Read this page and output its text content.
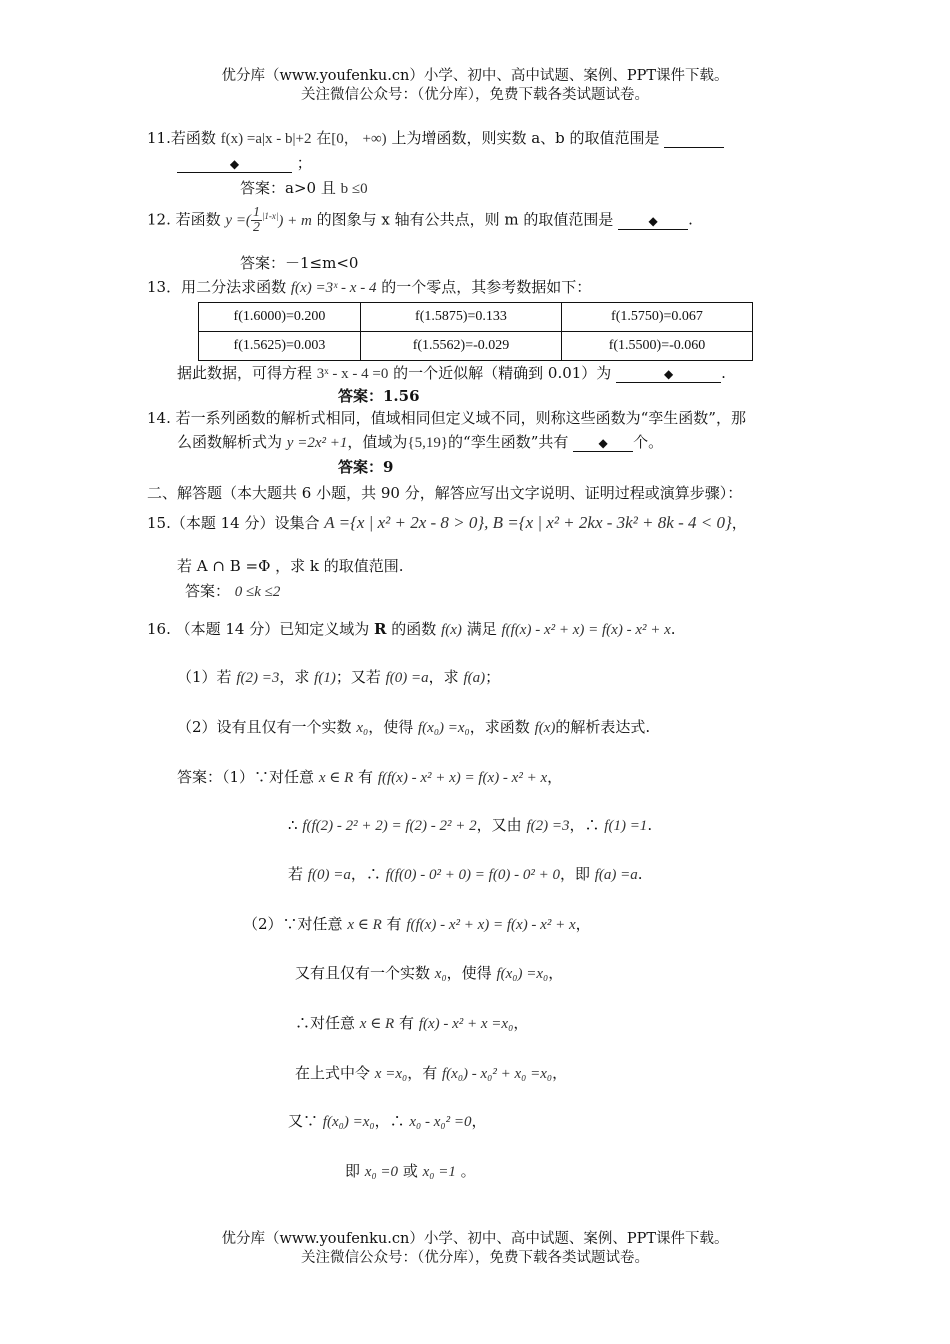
优分库（www.youfenku.cn）小学、初中、高中试题、案例、PPT课件下载。
关注微信公众号：（优分库），免费下载各类试题试卷。
11.若函数 f(x) =a|x - b|+2 在[0， +∞) 上为增函数，则实数 a、b 的取值范围是
◆	；
答案：a>0 且 b ≤0
12. 若函数 y =( $\frac{1}{2} ^{|1-x|}) + m$ 的图象与 x 轴有公共点，则 m 的取值范围是	◆ .
答案：－1≤m<0
13．用二分法求函数 f(x) =3ˣ - x - 4 的一个零点，其参考数据如下：
f(1.6000)=0.200	f(1.5875)=0.133	f(1.5750)=0.067
f(1.5625)=0.003	f(1.5562)=-0.029	f(1.5500)=-0.060
据此数据，可得方程 3ˣ - x - 4 =0 的一个近似解（精确到 0.01）为	◆	.
答案：1.56
14. 若一系列函数的解析式相同，值域相同但定义域不同，则称这些函数为“孪生函数”，那
么函数解析式为 y =2x² +1，值域为{5,19}的“孪生函数”共有	◆ 个。
答案：9
二、解答题（本大题共 6 小题，共 90 分，解答应写出文字说明、证明过程或演算步骤）：
15.（本题 14 分）设集合 A ={x | x² + 2x - 8 > 0}, B ={x | x² + 2kx - 3k² + 8k - 4 < 0}，
若 A ∩ B =Φ ，求 k 的取值范围.
答案： 0 ≤k ≤2
16. （本题 14 分）已知定义域为 R 的函数 f(x) 满足 f(f(x) - x² + x) = f(x) - x² + x.
（1）若 f(2) =3，求 f(1)；又若 f(0) =a，求 f(a)；
（2）设有且仅有一个实数 x₀，使得 f(x₀) =x₀，求函数 f(x)的解析表达式.
答案：（1）∵对任意 x ∈ R 有 f(f(x) - x² + x) = f(x) - x² + x，
∴ f(f(2) - 2² + 2) = f(2) - 2² + 2，又由 f(2) =3，∴ f(1) =1.
若 f(0) =a，∴ f(f(0) - 0² + 0) = f(0) - 0² + 0，即 f(a) =a.
（2）∵对任意 x ∈ R 有 f(f(x) - x² + x) = f(x) - x² + x，
又有且仅有一个实数 x₀，使得 f(x₀) =x₀，
∴对任意 x ∈ R 有 f(x) - x² + x =x₀，
在上式中令 x =x₀，有 f(x₀) - x₀² + x₀ =x₀，
又∵ f(x₀) =x₀，∴ x₀ - x₀² =0，
即 x₀ =0 或 x₀ =1 。
优分库（www.youfenku.cn）小学、初中、高中试题、案例、PPT课件下载。
关注微信公众号：（优分库），免费下载各类试题试卷。
